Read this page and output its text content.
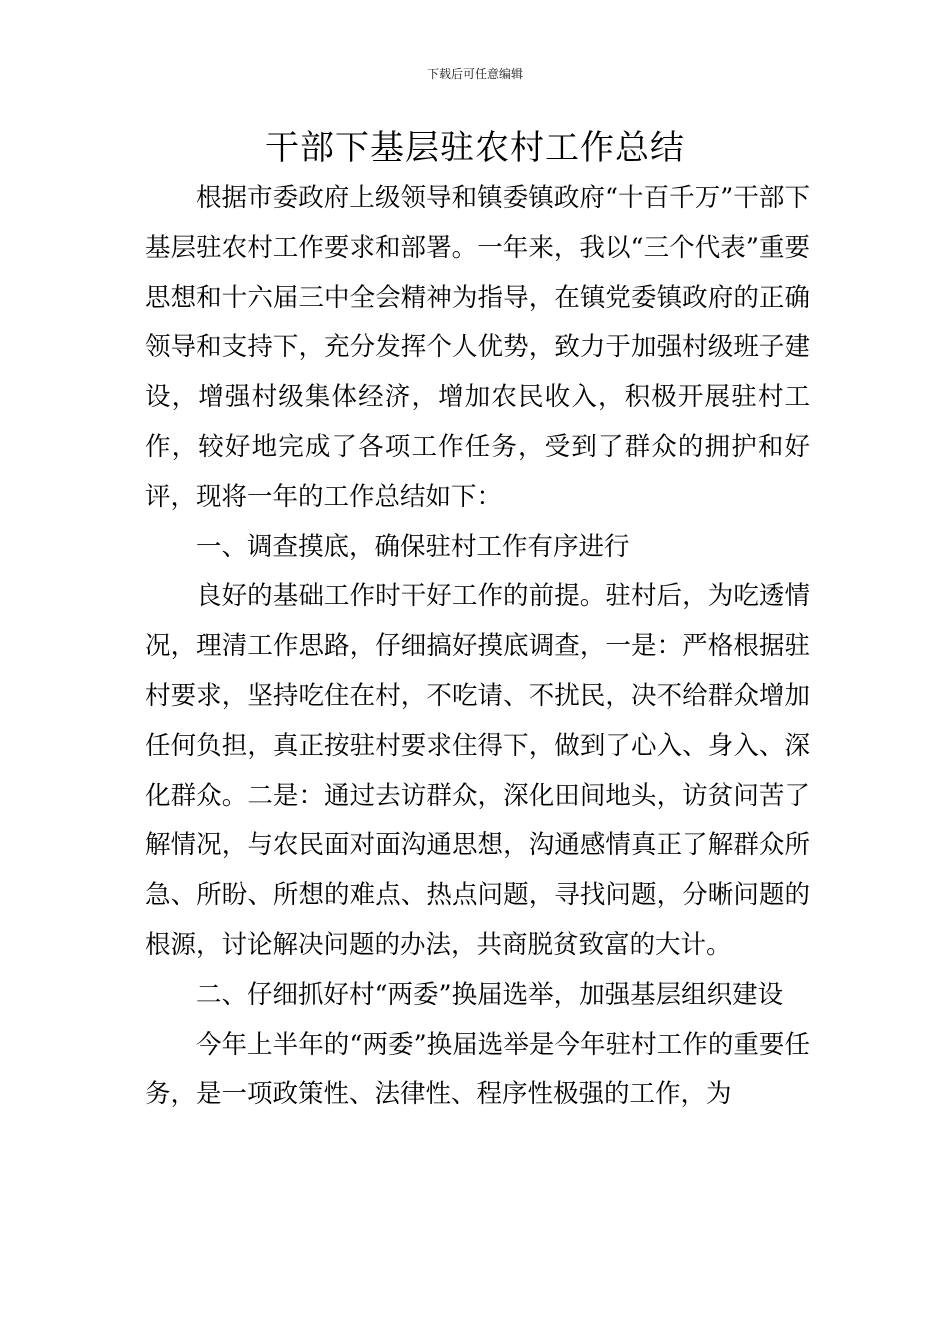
下载后可任意编辑
干部下基层驻农村工作总结

根据市委政府上级领导和镇委镇政府“十百千万”干部下基层驻农村工作要求和部署。一年来，我以“三个代表”重要思想和十六届三中全会精神为指导，在镇党委镇政府的正确领导和支持下，充分发挥个人优势，致力于加强村级班子建设，增强村级集体经济，增加农民收入，积极开展驻村工作，较好地完成了各项工作任务，受到了群众的拥护和好评，现将一年的工作总结如下：

一、调查摸底，确保驻村工作有序进行

良好的基础工作时干好工作的前提。驻村后，为吃透情况，理清工作思路，仔细搞好摸底调查，一是：严格根据驻村要求，坚持吃住在村，不吃请、不扰民，决不给群众增加任何负担，真正按驻村要求住得下，做到了心入、身入、深化群众。二是：通过去访群众，深化田间地头，访贫问苦了解情况，与农民面对面沟通思想，沟通感情真正了解群众所急、所盼、所想的难点、热点问题，寻找问题，分晰问题的根源，讨论解决问题的办法，共商脱贫致富的大计。

二、仔细抓好村“两委”换届选举，加强基层组织建设

今年上半年的“两委”换届选举是今年驻村工作的重要任务，是一项政策性、法律性、程序性极强的工作，为
